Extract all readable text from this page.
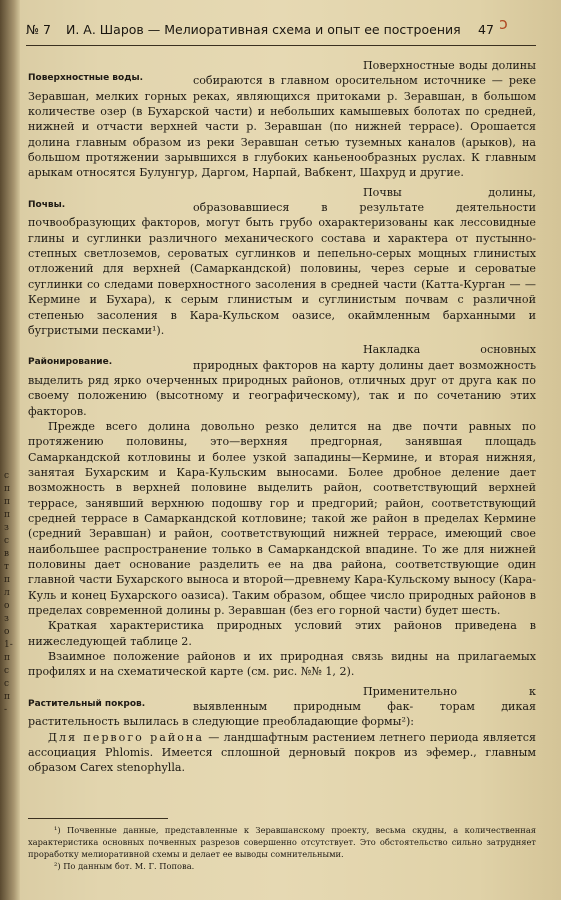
с
п
п
п
з
с
в
т
п
л
о
з
о
1-
п
с
с
п
-
№ 7 И. А. Шаров — Мелиоративная схема и опыт ее построения 47 ↄ

Поверхностные воды.
Поверхностные воды долины собираются в главном оросительном источнике — реке Зеравшан, мелких горных реках, являющихся притоками р. Зеравшан, в большом количестве озер (в Бухарской части) и небольших камышевых болотах по средней, нижней и отчасти верхней части р. Зеравшан (по нижней террасе). Орошается долина главным образом из реки Зеравшан сетью туземных каналов (арыков), на большом протяжении зарывшихся в глубоких каньенообразных руслах. К главным арыкам относятся Булунгур, Даргом, Нарпай, Вабкент, Шахруд и другие.

Почвы.
Почвы долины, образовавшиеся в результате	деятельности почвообразующих факторов, могут быть грубо охарактеризованы как лессовидные глины и суглинки различного механического состава и характера от пустынно-степных светлоземов, сероватых суглинков и пепельно-серых мощных глинистых отложений для верхней (Самаркандской) половины, через серые и сероватые суглинки со следами поверхностного засоления в средней части (Катта-Курган — —Кермине и Бухара), к серым глинистым и суглинистым почвам с различной степенью засоления в Кара-Кульском оазисе, окаймленным барханными и бугристыми песками¹).

Районирование.
Накладка основных природных факторов на карту долины дает возможность выделить ряд ярко очерченных природных районов, отличных друг от друга как по своему положению (высотному и географическому), так и по сочетанию этих факторов.

Прежде всего долина довольно резко делится на две почти равных по протяжению половины, это—верхняя предгорная, занявшая площадь Самаркандской котловины и более узкой западины—Кермине, и вторая нижняя, занятая Бухарским и Кара-Кульским выносами. Более дробное деление дает возможность в верхней половине выделить район, соответствующий верхней террасе, занявший верхнюю подошву гор и предгорий; район, соответствующий средней террасе в Самаркандской котловине; такой же район в пределах Кермине (средний Зеравшан) и район, соответствующий нижней террасе, имеющий свое наибольшее распространение только в Самаркандской впадине. То же для нижней половины дает основание разделить ее на два района, соответствующие один главной части Бухарского выноса и второй—древнему Кара-Кульскому выносу (Кара-Куль и конец Бухарского оазиса). Таким образом, общее число природных районов в пределах современной долины р. Зеравшан (без его горной части) будет шесть.

Краткая характеристика природных условий этих районов приведена в нижеследующей таблице 2.

Взаимное положение районов и их природная связь видны на прилагаемых профилях и на схематической карте (см. рис. №№ 1, 2).

Растительный покров.
Применительно к выявленным природным фак- торам дикая растительность вылилась в следующие преобладающие формы²):

Для первого района — ландшафтным растением летнего периода является ассоциация Phlomis. Имеется сплошной дерновый покров из эфемер., главным образом Carex stenophylla.

¹) Почвенные данные, представленные к Зеравшанскому проекту, весьма скудны, а количественная характеристика основных почвенных разрезов совершенно отсутствует. Это обстоятельство сильно затрудняет проработку мелиоративной схемы и делает ее выводы сомнительными.

²) По данным бот. М. Г. Попова.
